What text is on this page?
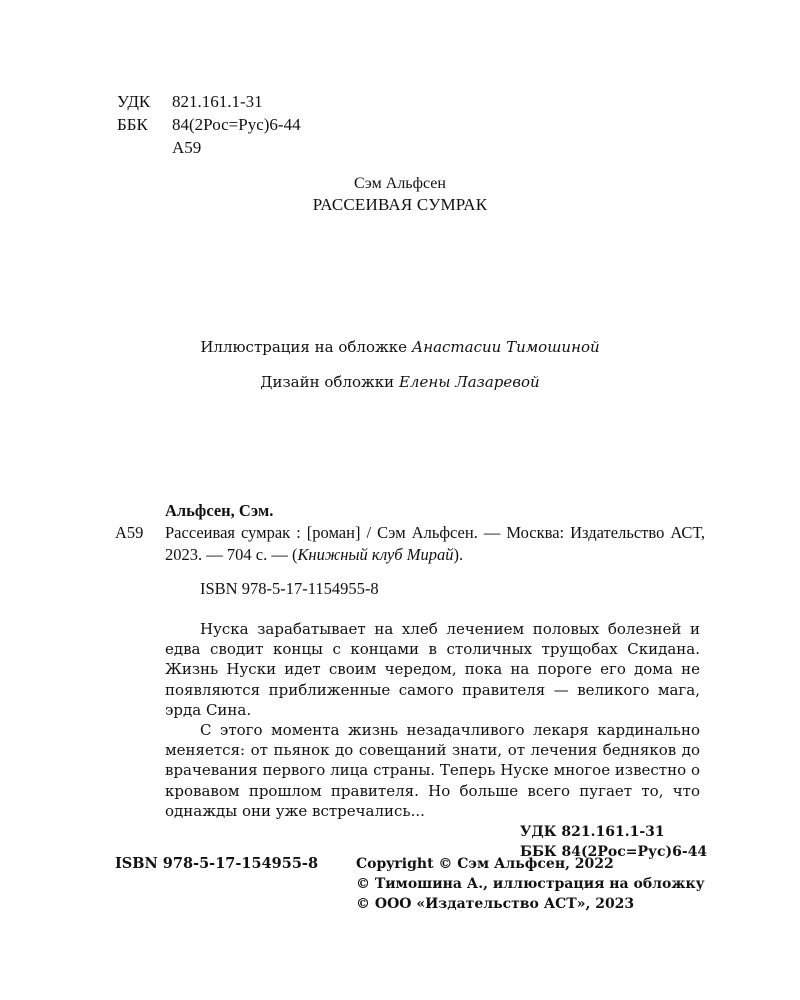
УДК 821.161.1-31
ББК 84(2Рос=Рус)6-44
А59
Сэм Альфсен
РАССЕИВАЯ СУМРАК
Иллюстрация на обложке Анастасии Тимошиной
Дизайн обложки Елены Лазаревой
Альфсен, Сэм.
А59 Рассеивая сумрак : [роман] / Сэм Альфсен. — Москва: Издательство АСТ, 2023. — 704 с. — (Книжный клуб Мирай).
ISBN 978-5-17-1154955-8

Нуска зарабатывает на хлеб лечением половых болезней и едва сводит концы с концами в столичных трущобах Скидана. Жизнь Нуски идет своим чередом, пока на пороге его дома не появляются приближенные самого правителя — великого мага, эрда Сина.

С этого момента жизнь незадачливого лекаря кардинально меняется: от пьянок до совещаний знати, от лечения бедняков до врачевания первого лица страны. Теперь Нуске многое известно о кровавом прошлом правителя. Но больше всего пугает то, что однажды они уже встречались...

УДК 821.161.1-31
ББК 84(2Рос=Рус)6-44
ISBN 978-5-17-154955-8	Copyright © Сэм Альфсен, 2022
© Тимошина А., иллюстрация на обложку
© ООО «Издательство АСТ», 2023
